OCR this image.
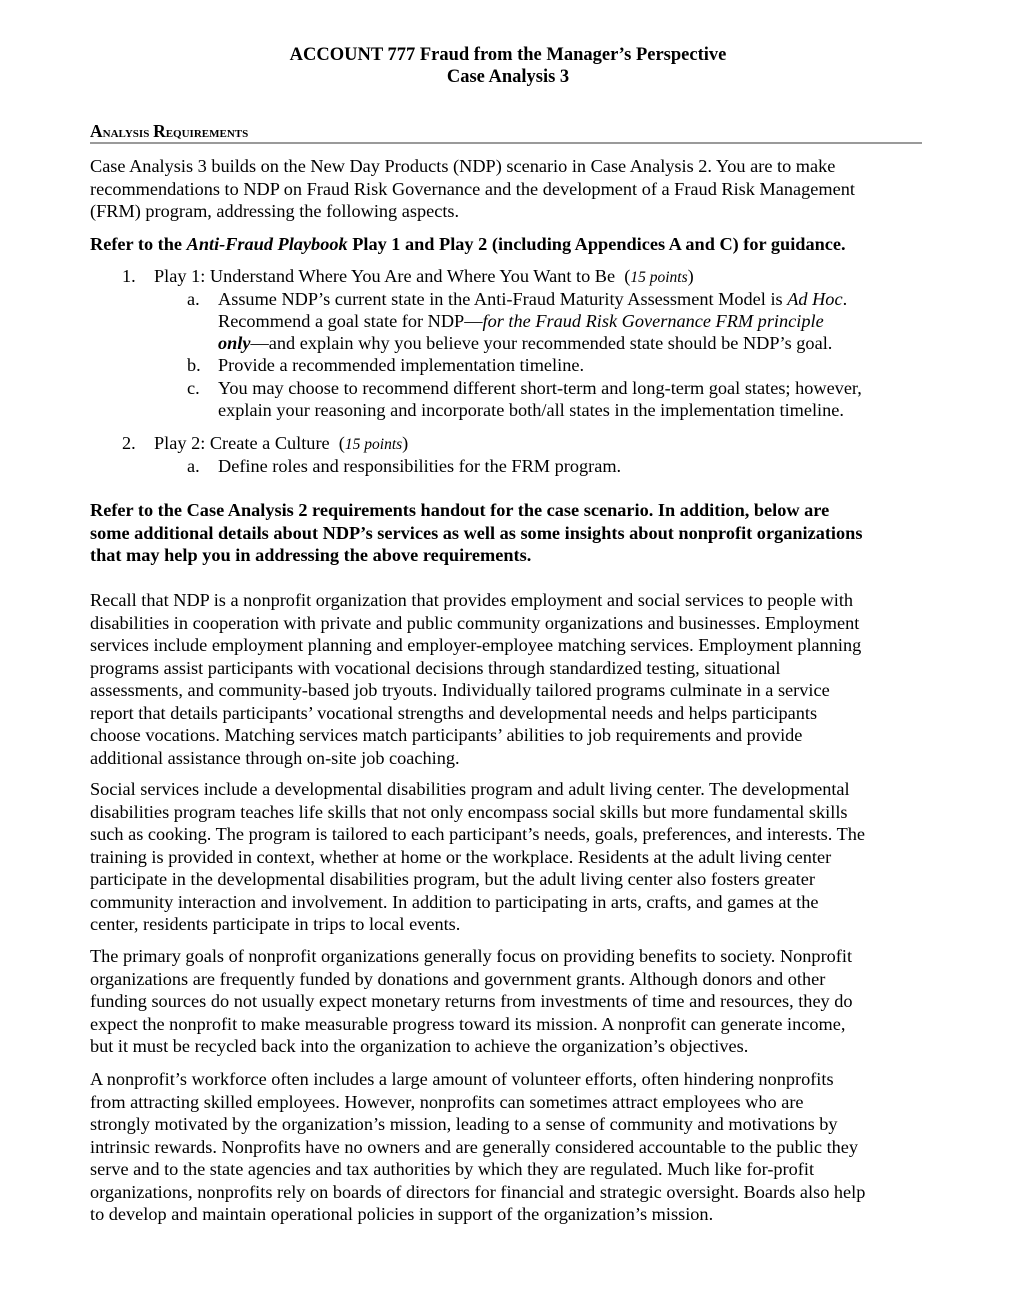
ACCOUNT 777 Fraud from the Manager’s Perspective
Case Analysis 3
Analysis Requirements
Case Analysis 3 builds on the New Day Products (NDP) scenario in Case Analysis 2. You are to make
recommendations to NDP on Fraud Risk Governance and the development of a Fraud Risk Management
(FRM) program, addressing the following aspects.
Refer to the Anti-Fraud Playbook Play 1 and Play 2 (including Appendices A and C) for guidance.
1. Play 1: Understand Where You Are and Where You Want to Be  (15 points)
a. Assume NDP’s current state in the Anti-Fraud Maturity Assessment Model is Ad Hoc.
Recommend a goal state for NDP—for the Fraud Risk Governance FRM principle
only—and explain why you believe your recommended state should be NDP’s goal.
b. Provide a recommended implementation timeline.
c. You may choose to recommend different short-term and long-term goal states; however,
explain your reasoning and incorporate both/all states in the implementation timeline.
2. Play 2: Create a Culture  (15 points)
a. Define roles and responsibilities for the FRM program.
Refer to the Case Analysis 2 requirements handout for the case scenario. In addition, below are
some additional details about NDP’s services as well as some insights about nonprofit organizations
that may help you in addressing the above requirements.
Recall that NDP is a nonprofit organization that provides employment and social services to people with
disabilities in cooperation with private and public community organizations and businesses. Employment
services include employment planning and employer-employee matching services. Employment planning
programs assist participants with vocational decisions through standardized testing, situational
assessments, and community-based job tryouts. Individually tailored programs culminate in a service
report that details participants’ vocational strengths and developmental needs and helps participants
choose vocations. Matching services match participants’ abilities to job requirements and provide
additional assistance through on-site job coaching.
Social services include a developmental disabilities program and adult living center. The developmental
disabilities program teaches life skills that not only encompass social skills but more fundamental skills
such as cooking. The program is tailored to each participant’s needs, goals, preferences, and interests. The
training is provided in context, whether at home or the workplace. Residents at the adult living center
participate in the developmental disabilities program, but the adult living center also fosters greater
community interaction and involvement. In addition to participating in arts, crafts, and games at the
center, residents participate in trips to local events.
The primary goals of nonprofit organizations generally focus on providing benefits to society. Nonprofit
organizations are frequently funded by donations and government grants. Although donors and other
funding sources do not usually expect monetary returns from investments of time and resources, they do
expect the nonprofit to make measurable progress toward its mission. A nonprofit can generate income,
but it must be recycled back into the organization to achieve the organization’s objectives.
A nonprofit’s workforce often includes a large amount of volunteer efforts, often hindering nonprofits
from attracting skilled employees. However, nonprofits can sometimes attract employees who are
strongly motivated by the organization’s mission, leading to a sense of community and motivations by
intrinsic rewards. Nonprofits have no owners and are generally considered accountable to the public they
serve and to the state agencies and tax authorities by which they are regulated. Much like for-profit
organizations, nonprofits rely on boards of directors for financial and strategic oversight. Boards also help
to develop and maintain operational policies in support of the organization’s mission.
